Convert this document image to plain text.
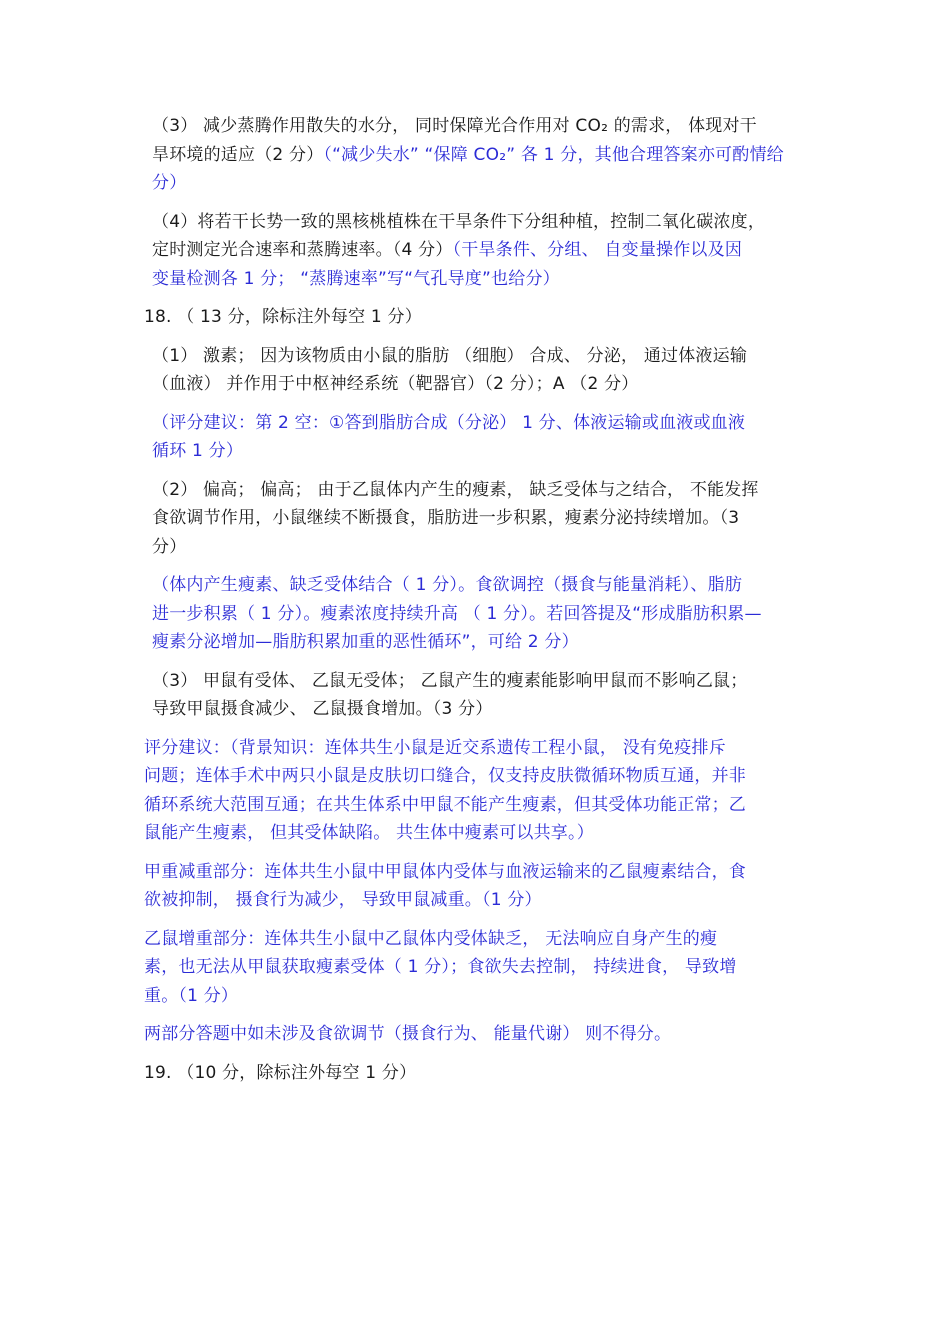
（3） 减少蒸腾作用散失的水分， 同时保障光合作用对 CO₂ 的需求， 体现对干
旱环境的适应（2 分）（“减少失水” “保障 CO₂” 各 1 分，其他合理答案亦可酌情给
分）
（4）将若干长势一致的黑核桃植株在干旱条件下分组种植，控制二氧化碳浓度，
定时测定光合速率和蒸腾速率。（4 分）（干旱条件、分组、 自变量操作以及因
变量检测各 1 分； “蒸腾速率”写“气孔导度”也给分）
18. （ 13 分，除标注外每空 1 分）
（1） 激素； 因为该物质由小鼠的脂肪 （细胞） 合成、 分泌， 通过体液运输
（血液） 并作用于中枢神经系统（靶器官）（2 分）；A （2 分）
（评分建议：第 2 空：①答到脂肪合成（分泌） 1 分、体液运输或血液或血液
循环 1 分）
（2） 偏高； 偏高； 由于乙鼠体内产生的瘦素， 缺乏受体与之结合， 不能发挥
食欲调节作用，小鼠继续不断摄食，脂肪进一步积累，瘦素分泌持续增加。（3
分）
（体内产生瘦素、缺乏受体结合（ 1 分）。食欲调控（摄食与能量消耗）、脂肪
进一步积累（ 1 分）。瘦素浓度持续升高 （ 1 分）。若回答提及“形成脂肪积累—
瘦素分泌增加—脂肪积累加重的恶性循环”，可给 2 分）
（3） 甲鼠有受体、 乙鼠无受体； 乙鼠产生的瘦素能影响甲鼠而不影响乙鼠；
导致甲鼠摄食减少、 乙鼠摄食增加。（3 分）
评分建议：（背景知识：连体共生小鼠是近交系遗传工程小鼠， 没有免疫排斥
问题；连体手术中两只小鼠是皮肤切口缝合，仅支持皮肤微循环物质互通，并非
循环系统大范围互通；在共生体系中甲鼠不能产生瘦素，但其受体功能正常；乙
鼠能产生瘦素， 但其受体缺陷。 共生体中瘦素可以共享。）
甲重减重部分：连体共生小鼠中甲鼠体内受体与血液运输来的乙鼠瘦素结合，食
欲被抑制， 摄食行为减少， 导致甲鼠减重。（1 分）
乙鼠增重部分：连体共生小鼠中乙鼠体内受体缺乏， 无法响应自身产生的瘦
素，也无法从甲鼠获取瘦素受体（ 1 分）；食欲失去控制， 持续进食， 导致增
重。（1 分）
两部分答题中如未涉及食欲调节（摄食行为、 能量代谢） 则不得分。
19. （10 分，除标注外每空 1 分）
